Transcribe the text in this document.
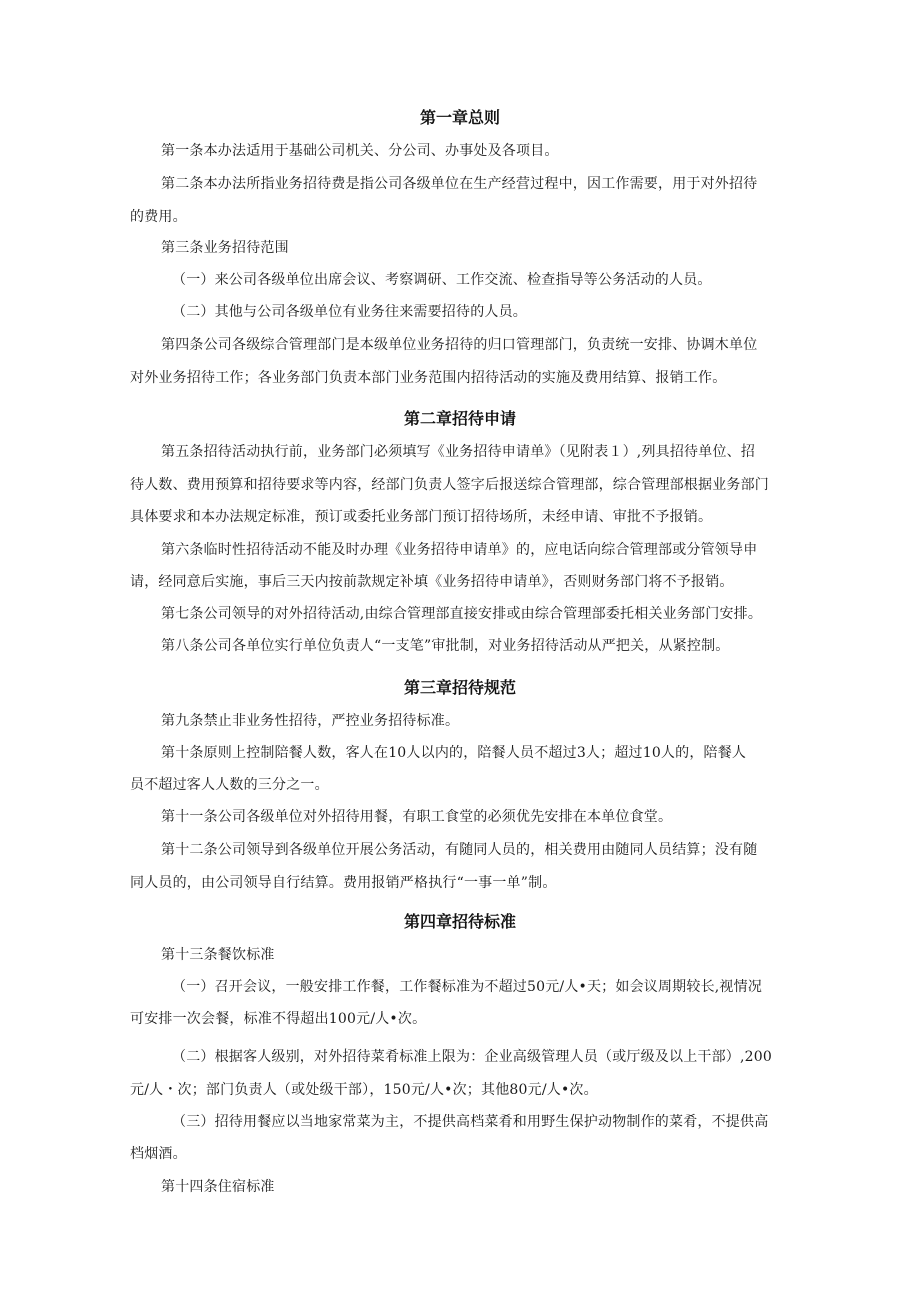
第一章总则
第一条本办法适用于基础公司机关、分公司、办事处及各项目。
第二条本办法所指业务招待费是指公司各级单位在生产经营过程中，因工作需要，用于对外招待
的费用。
第三条业务招待范围
（一）来公司各级单位出席会议、考察调研、工作交流、检查指导等公务活动的人员。
（二）其他与公司各级单位有业务往来需要招待的人员。
第四条公司各级综合管理部门是本级单位业务招待的归口管理部门，负责统一安排、协调木单位
对外业务招待工作；各业务部门负责本部门业务范围内招待活动的实施及费用结算、报销工作。
第二章招待申请
第五条招待活动执行前，业务部门必须填写《业务招待申请单》（见附表１）,列具招待单位、招
待人数、费用预算和招待要求等内容，经部门负责人签字后报送综合管理部，综合管理部根据业务部门
具体要求和本办法规定标准，预订或委托业务部门预订招待场所，未经申请、审批不予报销。
第六条临时性招待活动不能及时办理《业务招待申请单》的，应电话向综合管理部或分管领导申
请，经同意后实施，事后三天内按前款规定补填《业务招待申请单》，否则财务部门将不予报销。
第七条公司领导的对外招待活动,由综合管理部直接安排或由综合管理部委托相关业务部门安排。
第八条公司各单位实行单位负责人“一支笔”审批制，对业务招待活动从严把关，从紧控制。
第三章招待规范
第九条禁止非业务性招待，严控业务招待标准。
第十条原则上控制陪餐人数，客人在10人以内的，陪餐人员不超过3人；超过10人的，陪餐人
员不超过客人人数的三分之一。
第十一条公司各级单位对外招待用餐，有职工食堂的必须优先安排在本单位食堂。
第十二条公司领导到各级单位开展公务活动，有随同人员的，相关费用由随同人员结算；没有随
同人员的，由公司领导自行结算。费用报销严格执行“一事一单”制。
第四章招待标准
第十三条餐饮标准
（一）召开会议，一般安排工作餐，工作餐标准为不超过50元/人•天；如会议周期较长,视情况
可安排一次会餐，标准不得超出100元/人•次。
（二）根据客人级别，对外招待菜肴标准上限为：企业高级管理人员（或厅级及以上干部）,200
元/人・次；部门负责人（或处级干部），150元/人•次；其他80元/人•次。
（三）招待用餐应以当地家常菜为主，不提供高档菜肴和用野生保护动物制作的菜肴，不提供高
档烟酒。
第十四条住宿标准
